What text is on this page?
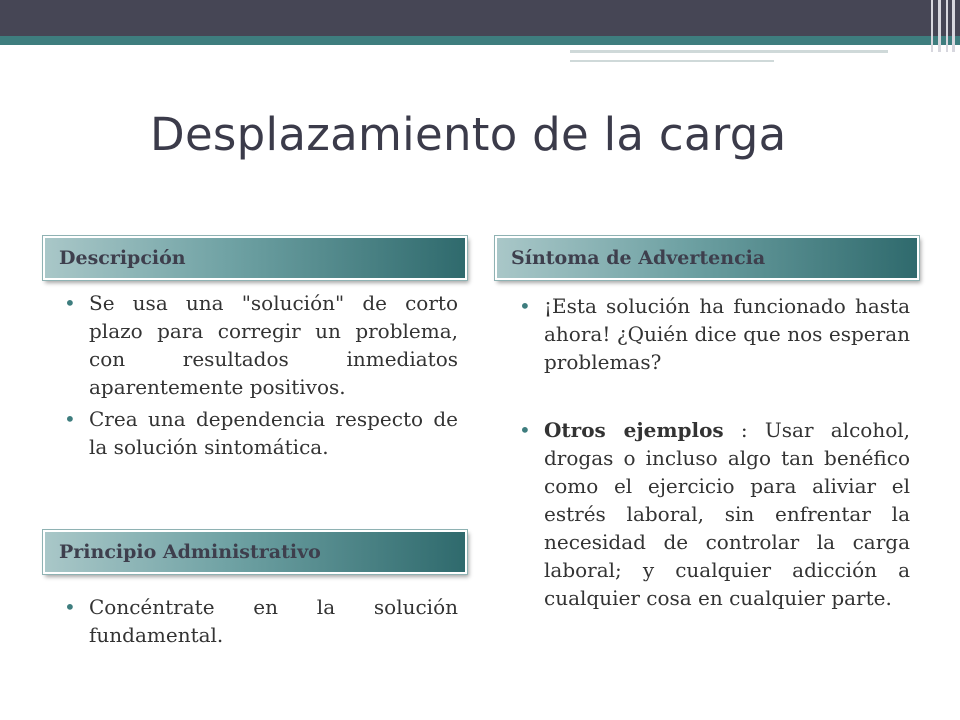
Desplazamiento de la carga
Descripción
• Se usa una "solución" de corto plazo para corregir un problema, con resultados inmediatos aparentemente positivos.
• Crea una dependencia respecto de la solución sintomática.
Principio Administrativo
• Concéntrate en la solución fundamental.
Síntoma de Advertencia
• ¡Esta solución ha funcionado hasta ahora! ¿Quién dice que nos esperan problemas?
• Otros ejemplos : Usar alcohol, drogas o incluso algo tan benéfico como el ejercicio para aliviar el estrés laboral, sin enfrentar la necesidad de controlar la carga laboral; y cualquier adicción a cualquier cosa en cualquier parte.
